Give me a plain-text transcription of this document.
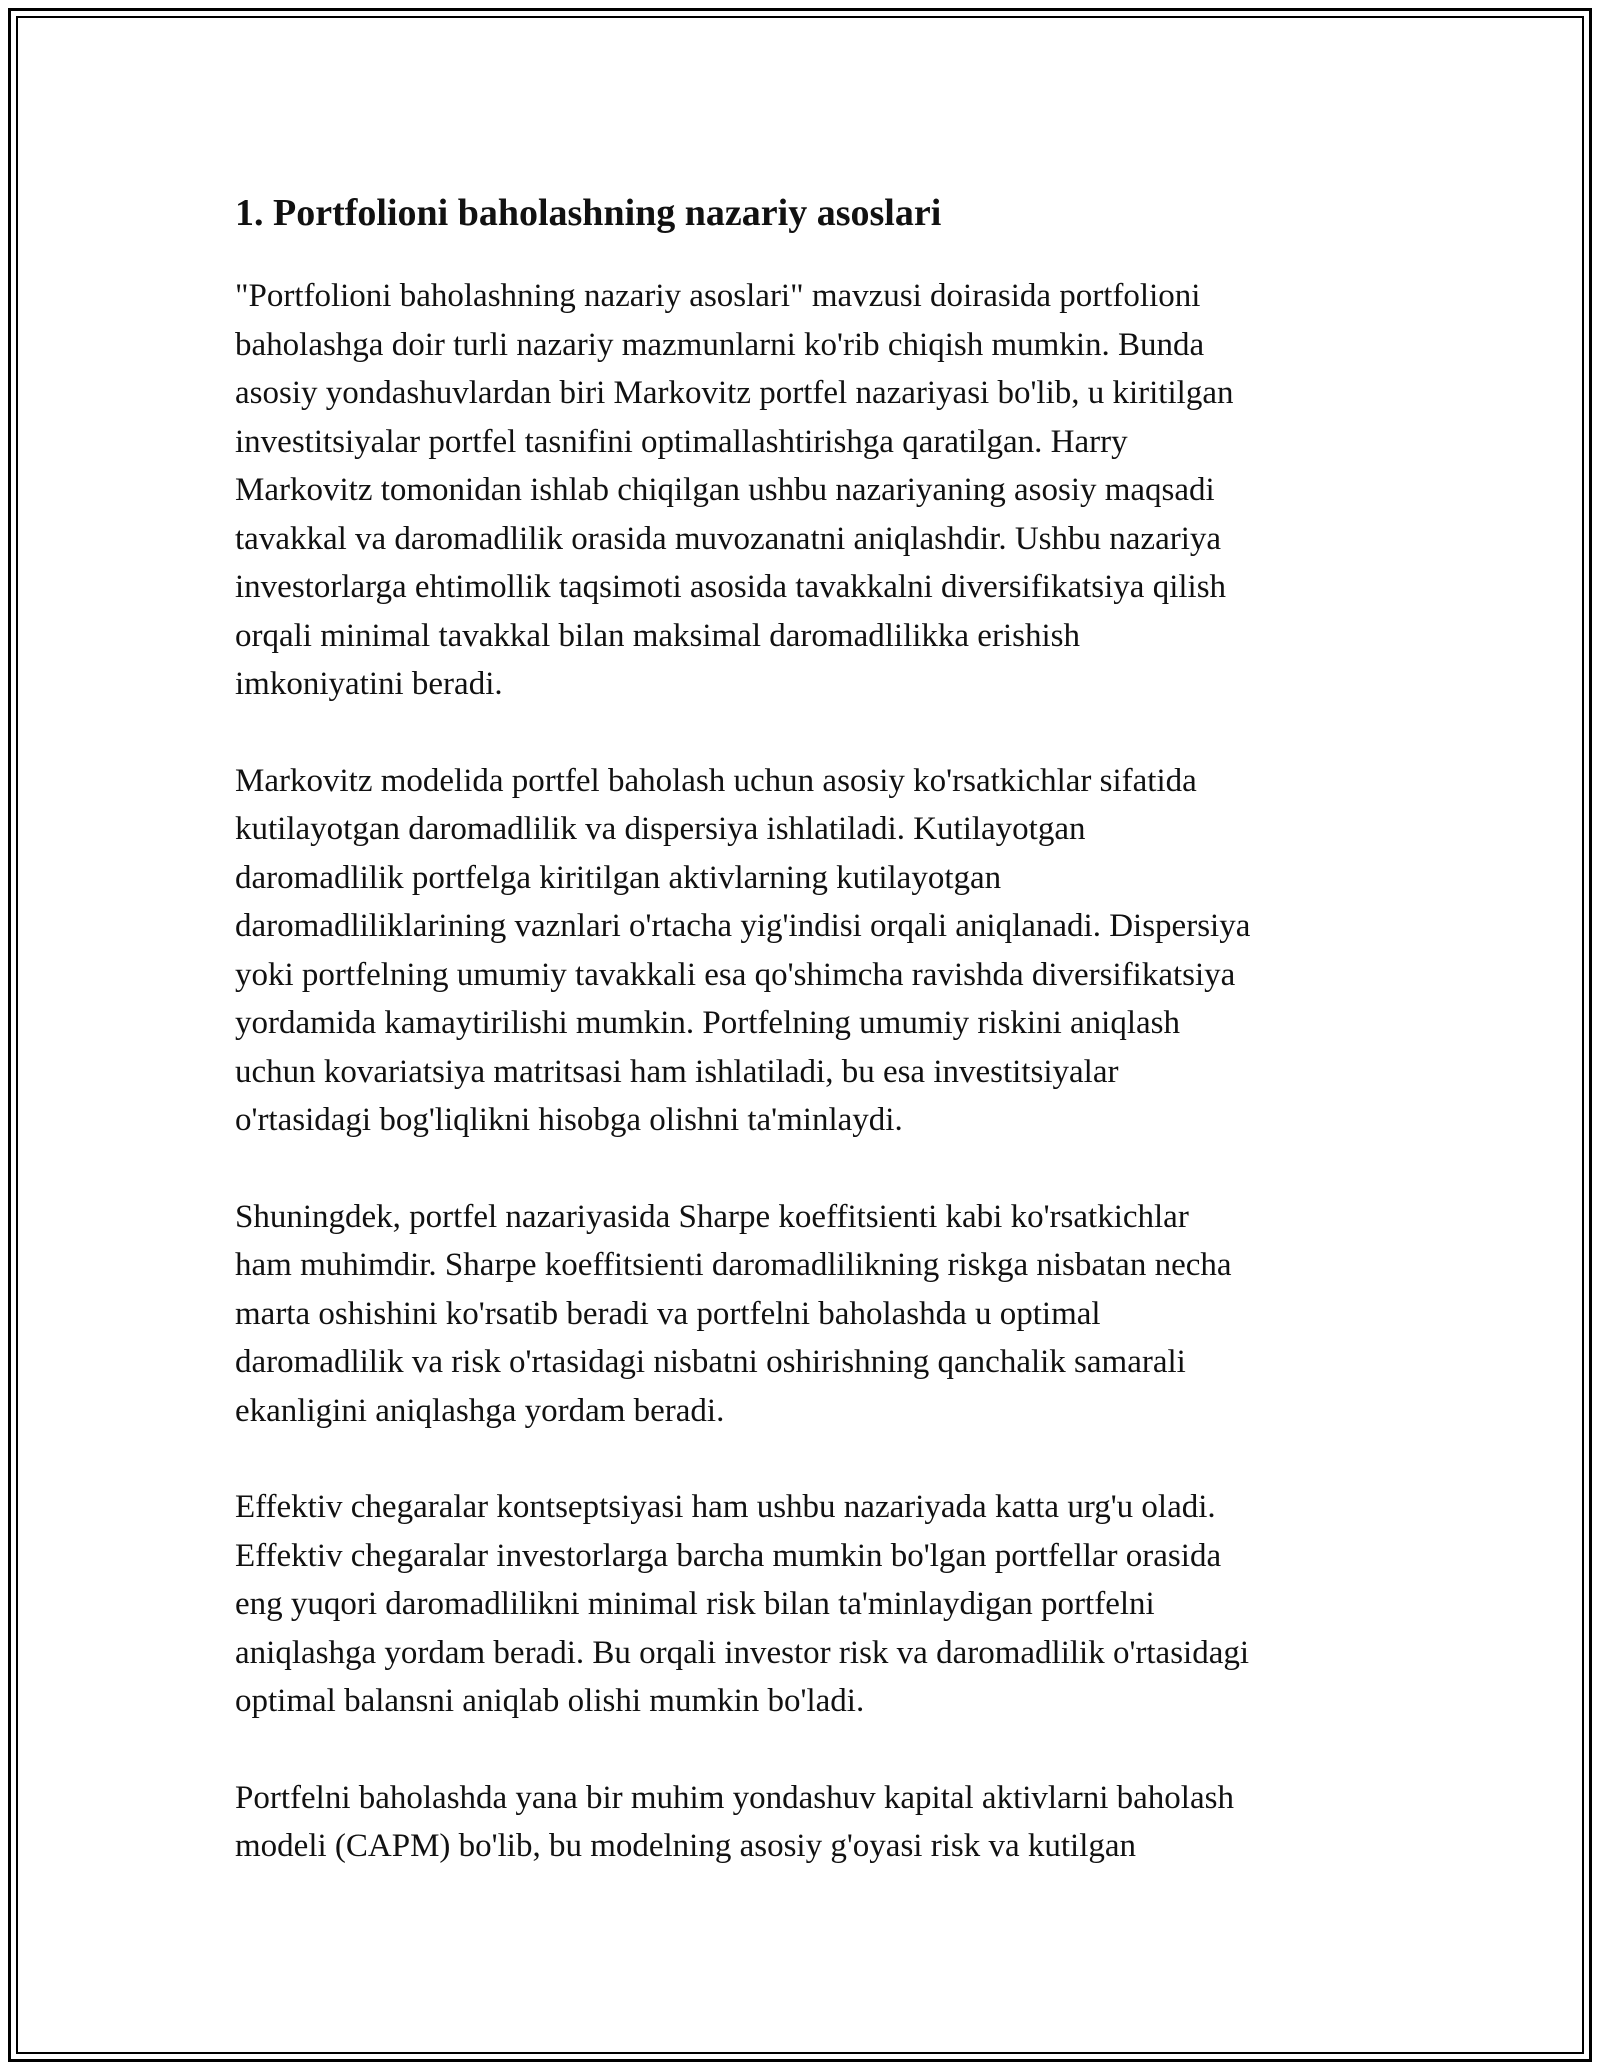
1. Portfolioni baholashning nazariy asoslari

"Portfolioni baholashning nazariy asoslari" mavzusi doirasida portfolioni
baholashga doir turli nazariy mazmunlarni ko'rib chiqish mumkin. Bunda
asosiy yondashuvlardan biri Markovitz portfel nazariyasi bo'lib, u kiritilgan
investitsiyalar portfel tasnifini optimallashtirishga qaratilgan. Harry
Markovitz tomonidan ishlab chiqilgan ushbu nazariyaning asosiy maqsadi
tavakkal va daromadlilik orasida muvozanatni aniqlashdir. Ushbu nazariya
investorlarga ehtimollik taqsimoti asosida tavakkalni diversifikatsiya qilish
orqali minimal tavakkal bilan maksimal daromadlilikka erishish
imkoniyatini beradi.

Markovitz modelida portfel baholash uchun asosiy ko'rsatkichlar sifatida
kutilayotgan daromadlilik va dispersiya ishlatiladi. Kutilayotgan
daromadlilik portfelga kiritilgan aktivlarning kutilayotgan
daromadliliklarining vaznlari o'rtacha yig'indisi orqali aniqlanadi. Dispersiya
yoki portfelning umumiy tavakkali esa qo'shimcha ravishda diversifikatsiya
yordamida kamaytirilishi mumkin. Portfelning umumiy riskini aniqlash
uchun kovariatsiya matritsasi ham ishlatiladi, bu esa investitsiyalar
o'rtasidagi bog'liqlikni hisobga olishni ta'minlaydi.

Shuningdek, portfel nazariyasida Sharpe koeffitsienti kabi ko'rsatkichlar
ham muhimdir. Sharpe koeffitsienti daromadlilikning riskga nisbatan necha
marta oshishini ko'rsatib beradi va portfelni baholashda u optimal
daromadlilik va risk o'rtasidagi nisbatni oshirishning qanchalik samarali
ekanligini aniqlashga yordam beradi.

Effektiv chegaralar kontseptsiyasi ham ushbu nazariyada katta urg'u oladi.
Effektiv chegaralar investorlarga barcha mumkin bo'lgan portfellar orasida
eng yuqori daromadlilikni minimal risk bilan ta'minlaydigan portfelni
aniqlashga yordam beradi. Bu orqali investor risk va daromadlilik o'rtasidagi
optimal balansni aniqlab olishi mumkin bo'ladi.

Portfelni baholashda yana bir muhim yondashuv kapital aktivlarni baholash
modeli (CAPM) bo'lib, bu modelning asosiy g'oyasi risk va kutilgan
